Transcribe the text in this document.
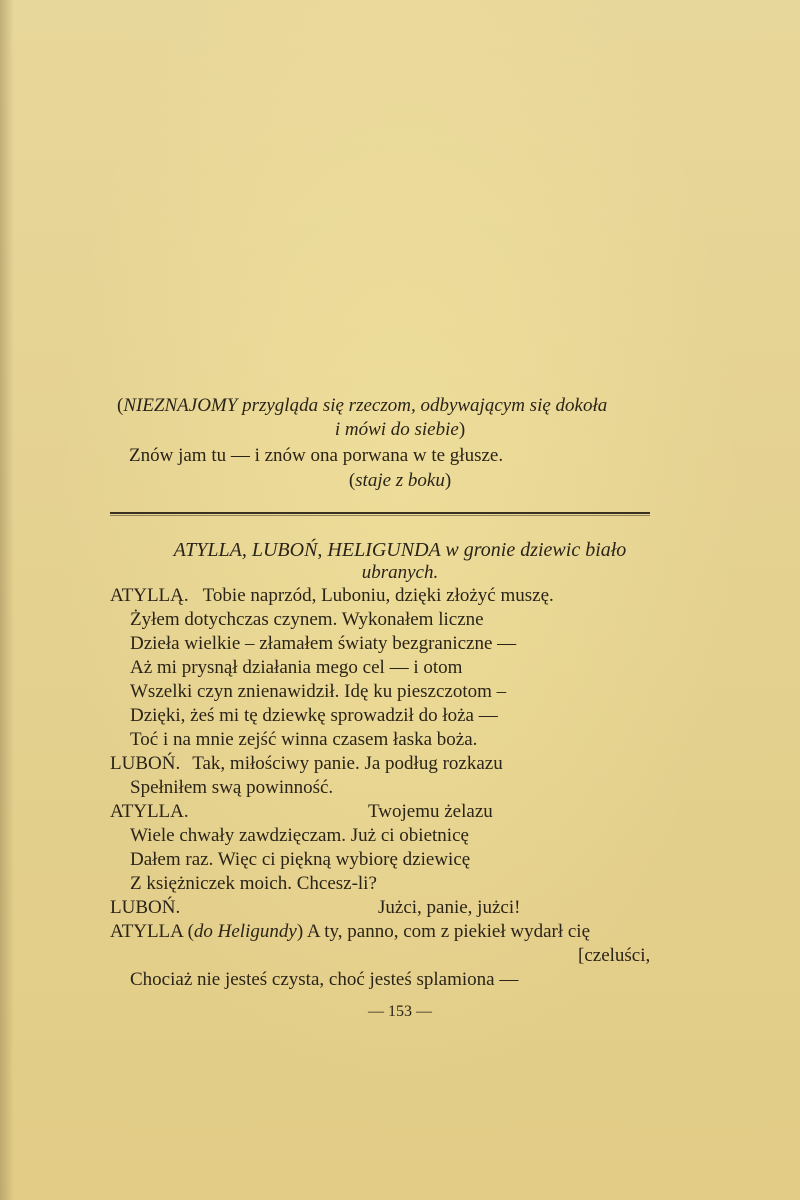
(NIEZNAJOMY przygląda się rzeczom, odbywającym się dokoła
i mówi do siebie)
Znów jam tu — i znów ona porwana w te głusze.
(staje z boku)
ATYLLA, LUBOŃ, HELIGUNDA w gronie dziewic biało
ubranych.
ATYLLĄ. Tobie naprzód, Luboniu, dzięki złożyć muszę.
Żyłem dotychczas czynem. Wykonałem liczne
Dzieła wielkie – złamałem światy bezgraniczne —
Aż mi prysnął działania mego cel — i otom
Wszelki czyn znienawidził. Idę ku pieszczotom –
Dzięki, żeś mi tę dziewkę sprowadził do łoża —
Toć i na mnie zejść winna czasem łaska boża.
LUBOŃ. Tak, miłościwy panie. Ja podług rozkazu
Spełniłem swą powinność.
ATYLLA.	Twojemu żelazu
Wiele chwały zawdzięczam. Już ci obietnicę
Dałem raz. Więc ci piękną wybiorę dziewicę
Z księżniczek moich. Chcesz-li?
LUBOŃ.	Jużci, panie, jużci!
ATYLLA (do Heligundy) A ty, panno, com z piekieł wydarł cię
[czeluści,
Chociaż nie jesteś czysta, choć jesteś splamiona —
— 153 —
